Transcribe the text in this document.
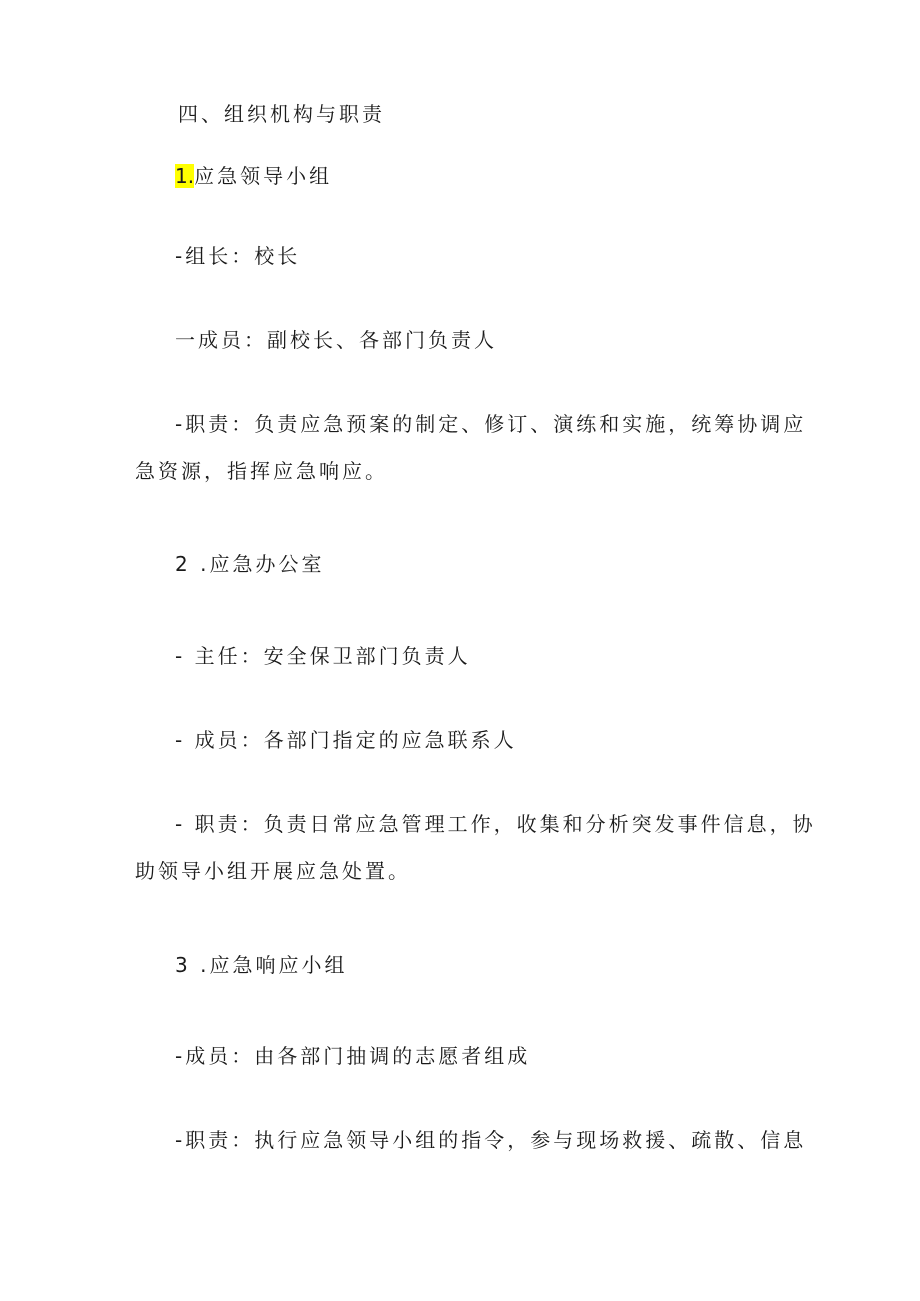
四、组织机构与职责
1.应急领导小组
-组长：校长
一成员：副校长、各部门负责人
-职责：负责应急预案的制定、修订、演练和实施，统筹协调应
急资源，指挥应急响应。
2 .应急办公室
- 主任：安全保卫部门负责人
- 成员：各部门指定的应急联系人
- 职责：负责日常应急管理工作，收集和分析突发事件信息，协
助领导小组开展应急处置。
3 .应急响应小组
-成员：由各部门抽调的志愿者组成
-职责：执行应急领导小组的指令，参与现场救援、疏散、信息
